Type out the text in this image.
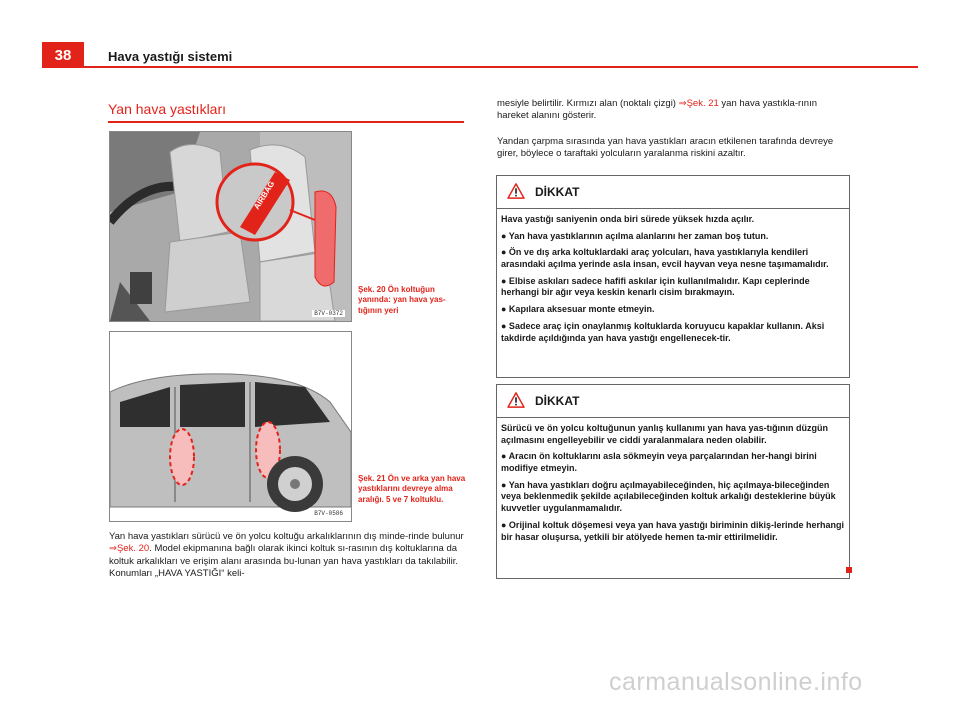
38	Hava yastığı sistemi
Yan hava yastıkları
AIRBAG
B7V-0372
Şek. 20 Ön koltuğun yanında: yan hava yas-tığının yeri
B7V-0586
Şek. 21 Ön ve arka yan hava yastıklarını devreye alma aralığı. 5 ve 7 koltuklu.

Yan hava yastıkları sürücü ve ön yolcu koltuğu arkalıklarının dış minde-rinde bulunur ⇒Şek. 20. Model ekipmanına bağlı olarak ikinci koltuk sı-rasının dış koltuklarına da koltuk arkalıkları ve erişim alanı arasında bu-lunan yan hava yastıkları da takılabilir. Konumları „HAVA YASTIĞI“ keli-

mesiyle belirtilir. Kırmızı alan (noktalı çizgi) ⇒Şek. 21 yan hava yastıkla-rının hareket alanını gösterir.

Yandan çarpma sırasında yan hava yastıkları aracın etkilenen tarafında devreye girer, böylece o taraftaki yolcuların yaralanma riskini azaltır.

DİKKAT

Hava yastığı saniyenin onda biri sürede yüksek hızda açılır.

● Yan hava yastıklarının açılma alanlarını her zaman boş tutun.

● Ön ve dış arka koltuklardaki araç yolcuları, hava yastıklarıyla kendileri arasındaki açılma yerinde asla insan, evcil hayvan veya nesne taşımamalıdır.

● Elbise askıları sadece hafifi askılar için kullanılmalıdır. Kapı ceplerinde herhangi bir ağır veya keskin kenarlı cisim bırakmayın.

● Kapılara aksesuar monte etmeyin.

● Sadece araç için onaylanmış koltuklarda koruyucu kapaklar kullanın. Aksi takdirde açıldığında yan hava yastığı engellenecek-tir.

DİKKAT

Sürücü ve ön yolcu koltuğunun yanlış kullanımı yan hava yas-tığının düzgün açılmasını engelleyebilir ve ciddi yaralanmalara neden olabilir.

● Aracın ön koltuklarını asla sökmeyin veya parçalarından her-hangi birini modifiye etmeyin.

● Yan hava yastıkları doğru açılmayabileceğinden, hiç açılmaya-bileceğinden veya beklenmedik şekilde açılabileceğinden koltuk arkalığı desteklerine büyük kuvvetler uygulanmamalıdır.

● Orijinal koltuk döşemesi veya yan hava yastığı biriminin dikiş-lerinde herhangi bir hasar oluşursa, yetkili bir atölyede hemen ta-mir ettirilmelidir.

carmanualsonline.info
